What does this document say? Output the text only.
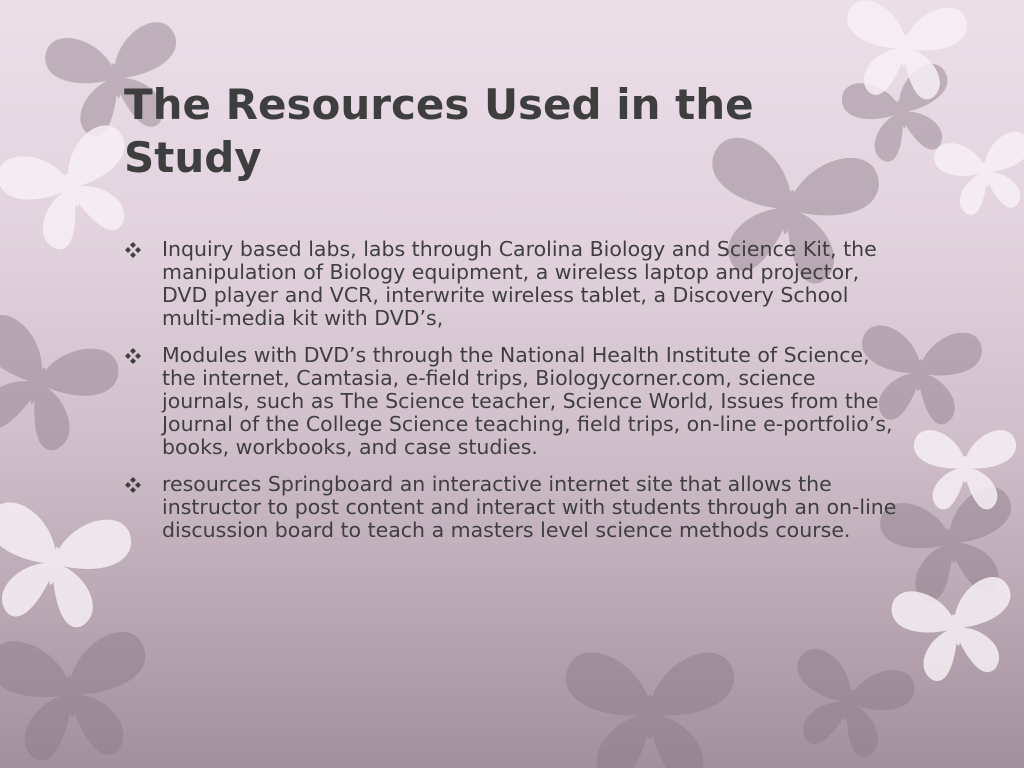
The Resources Used in the Study
Inquiry based labs, labs through Carolina Biology and Science Kit, the manipulation of Biology equipment, a wireless laptop and projector, DVD player and VCR, interwrite wireless tablet, a Discovery School multi-media kit with DVD’s,
Modules with DVD’s through the National Health Institute of Science, the internet, Camtasia, e-field trips, Biologycorner.com, science journals, such as The Science teacher, Science World, Issues from the Journal of the College Science teaching, field trips, on-line e-portfolio’s, books, workbooks, and case studies.
resources Springboard an interactive internet site that allows the instructor to post content and interact with students through an on-line discussion board to teach a masters level science methods course.
